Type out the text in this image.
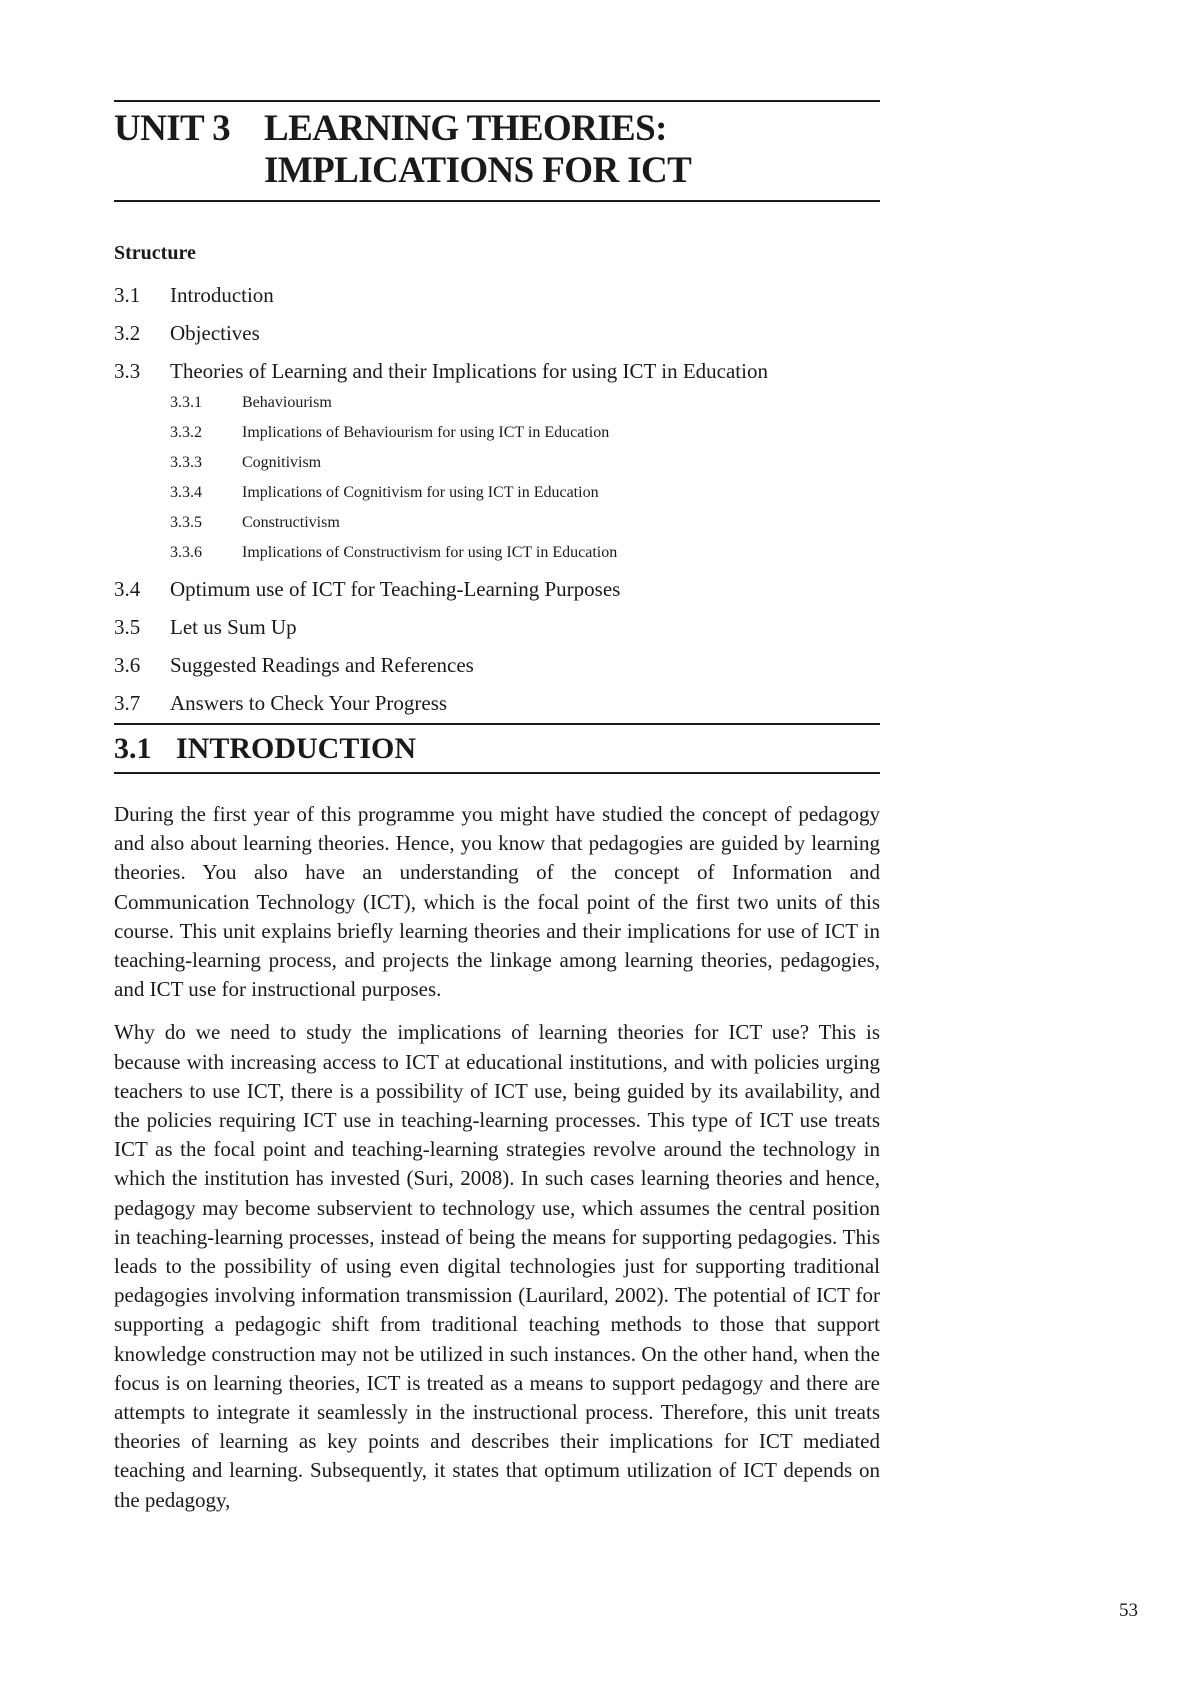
UNIT 3 LEARNING THEORIES:
IMPLICATIONS FOR ICT
Structure
3.1	Introduction
3.2	Objectives
3.3	Theories of Learning and their Implications for using ICT in Education
3.3.1	Behaviourism
3.3.2	Implications of Behaviourism for using ICT in Education
3.3.3	Cognitivism
3.3.4	Implications of Cognitivism for using ICT in Education
3.3.5	Constructivism
3.3.6	Implications of Constructivism for using ICT in Education
3.4	Optimum use of ICT for Teaching-Learning Purposes
3.5	Let us Sum Up
3.6	Suggested Readings and References
3.7	Answers to Check Your Progress
3.1 INTRODUCTION

During the first year of this programme you might have studied the concept of pedagogy and also about learning theories. Hence, you know that pedagogies are guided by learning theories. You also have an understanding of the concept of Information and Communication Technology (ICT), which is the focal point of the first two units of this course. This unit explains briefly learning theories and their implications for use of ICT in teaching-learning process, and projects the linkage among learning theories, pedagogies, and ICT use for instructional purposes.

Why do we need to study the implications of learning theories for ICT use? This is because with increasing access to ICT at educational institutions, and with policies urging teachers to use ICT, there is a possibility of ICT use, being guided by its availability, and the policies requiring ICT use in teaching-learning processes. This type of ICT use treats ICT as the focal point and teaching-learning strategies revolve around the technology in which the institution has invested (Suri, 2008). In such cases learning theories and hence, pedagogy may become subservient to technology use, which assumes the central position in teaching-learning processes, instead of being the means for supporting pedagogies. This leads to the possibility of using even digital technologies just for supporting traditional pedagogies involving information transmission (Laurilard, 2002). The potential of ICT for supporting a pedagogic shift from traditional teaching methods to those that support knowledge construction may not be utilized in such instances. On the other hand, when the focus is on learning theories, ICT is treated as a means to support pedagogy and there are attempts to integrate it seamlessly in the instructional process. Therefore, this unit treats theories of learning as key points and describes their implications for ICT mediated teaching and learning. Subsequently, it states that optimum utilization of ICT depends on the pedagogy,

53
